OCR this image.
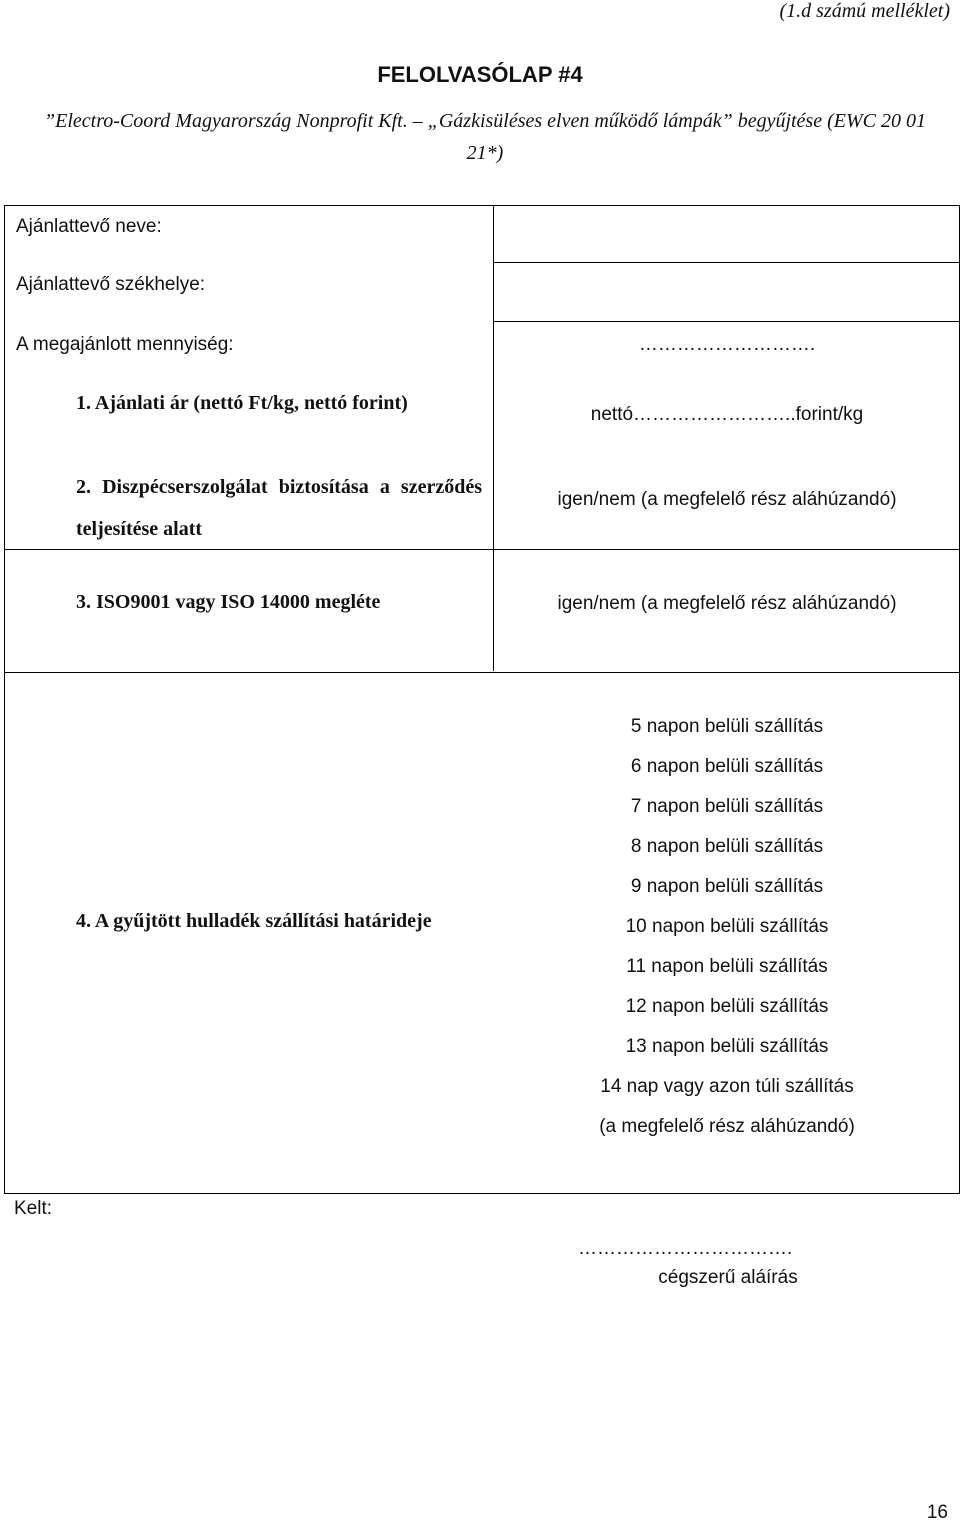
(1.d számú melléklet)
FELOLVASÓLAP #4
”Electro-Coord Magyarország Nonprofit Kft. – „Gázkisüléses elven működő lámpák” begyűjtése (EWC 20 01 21*)
Ajánlattevő neve:
Ajánlattevő székhelye:
A megajánlott mennyiség:
1. Ajánlati ár (nettó Ft/kg, nettó forint)
2. Diszpécserszolgálat biztosítása a szerződés teljesítése alatt
3. ISO9001 vagy ISO 14000 megléte
4. A gyűjtött hulladék szállítási határideje
……………………….
nettó……………………..forint/kg
igen/nem (a megfelelő rész aláhúzandó)
igen/nem (a megfelelő rész aláhúzandó)
5 napon belüli szállítás
6 napon belüli szállítás
7 napon belüli szállítás
8 napon belüli szállítás
9 napon belüli szállítás
10 napon belüli szállítás
11 napon belüli szállítás
12 napon belüli szállítás
13 napon belüli szállítás
14 nap vagy azon túli szállítás
(a megfelelő rész aláhúzandó)
Kelt:
…………………………….
cégszerű aláírás
16
